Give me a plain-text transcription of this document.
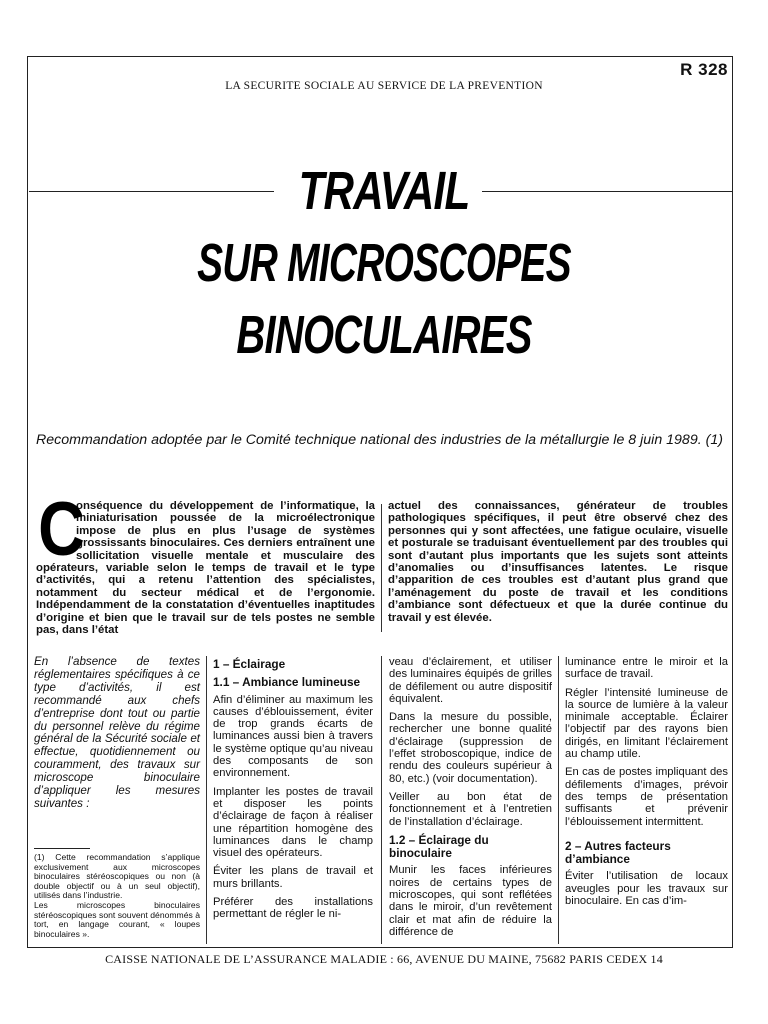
R 328
LA SECURITE SOCIALE AU SERVICE DE LA PREVENTION
TRAVAIL
SUR MICROSCOPES
BINOCULAIRES
Recommandation adoptée par le Comité technique national des industries de la métallurgie le 8 juin 1989. (1)
C
onséquence du développement de l’informatique, la miniaturisation poussée de la microélectronique impose de plus en plus l’usage de systèmes grossissants binoculaires. Ces derniers entraînent une sollicitation visuelle mentale et musculaire des opérateurs, variable selon le temps de travail et le type d’activités, qui a retenu l’attention des spécialistes, notamment du secteur médical et de l’ergonomie. Indépendamment de la constatation d’éventuelles inaptitudes d’origine et bien que le travail sur de tels postes ne semble pas, dans l’état
actuel des connaissances, générateur de troubles pathologiques spécifiques, il peut être observé chez des personnes qui y sont affectées, une fatigue oculaire, visuelle et posturale se traduisant éventuellement par des troubles qui sont d’autant plus importants que les sujets sont atteints d’anomalies ou d’insuffisances latentes. Le risque d’apparition de ces troubles est d’autant plus grand que l’aménagement du poste de travail et les conditions d’ambiance sont défectueux et que la durée continue du travail y est élevée.

En l’absence de textes réglementaires spécifiques à ce type d’activités, il est recommandé aux chefs d’entreprise dont tout ou partie du personnel relève du régime général de la Sécurité sociale et effectue, quotidiennement ou couramment, des travaux sur microscope binoculaire d’appliquer les mesures suivantes :

(1) Cette recommandation s’applique exclusivement aux microscopes binoculaires stéréoscopiques ou non (à double objectif ou à un seul objectif), utilisés dans l’industrie.

Les microscopes binoculaires stéréoscopiques sont souvent dénommés à tort, en langage courant, « loupes binoculaires ».

1 – Éclairage
1.1 – Ambiance lumineuse

Afin d’éliminer au maximum les causes d’éblouissement, éviter de trop grands écarts de luminances aussi bien à travers le système optique qu’au niveau des composants de son environnement.

Implanter les postes de travail et disposer les points d’éclairage de façon à réaliser une répartition homogène des luminances dans le champ visuel des opérateurs.

Éviter les plans de travail et murs brillants.

Préférer des installations permettant de régler le ni-

veau d’éclairement, et utiliser des luminaires équipés de grilles de défilement ou autre dispositif équivalent.

Dans la mesure du possible, rechercher une bonne qualité d’éclairage (suppression de l’effet stroboscopique, indice de rendu des couleurs supérieur à 80, etc.) (voir documentation).

Veiller au bon état de fonctionnement et à l’entretien de l’installation d’éclairage.

1.2 – Éclairage du binoculaire

Munir les faces inférieures noires de certains types de microscopes, qui sont reflétées dans le miroir, d’un revêtement clair et mat afin de réduire la différence de

luminance entre le miroir et la surface de travail.

Régler l’intensité lumineuse de la source de lumière à la valeur minimale acceptable. Éclairer l’objectif par des rayons bien dirigés, en limitant l’éclairement au champ utile.

En cas de postes impliquant des défilements d’images, prévoir des temps de présentation suffisants et prévenir l’éblouissement intermittent.

2 – Autres facteurs d’ambiance

Éviter l’utilisation de locaux aveugles pour les travaux sur binoculaire. En cas d’im-

CAISSE NATIONALE DE L’ASSURANCE MALADIE : 66, AVENUE DU MAINE, 75682 PARIS CEDEX 14
